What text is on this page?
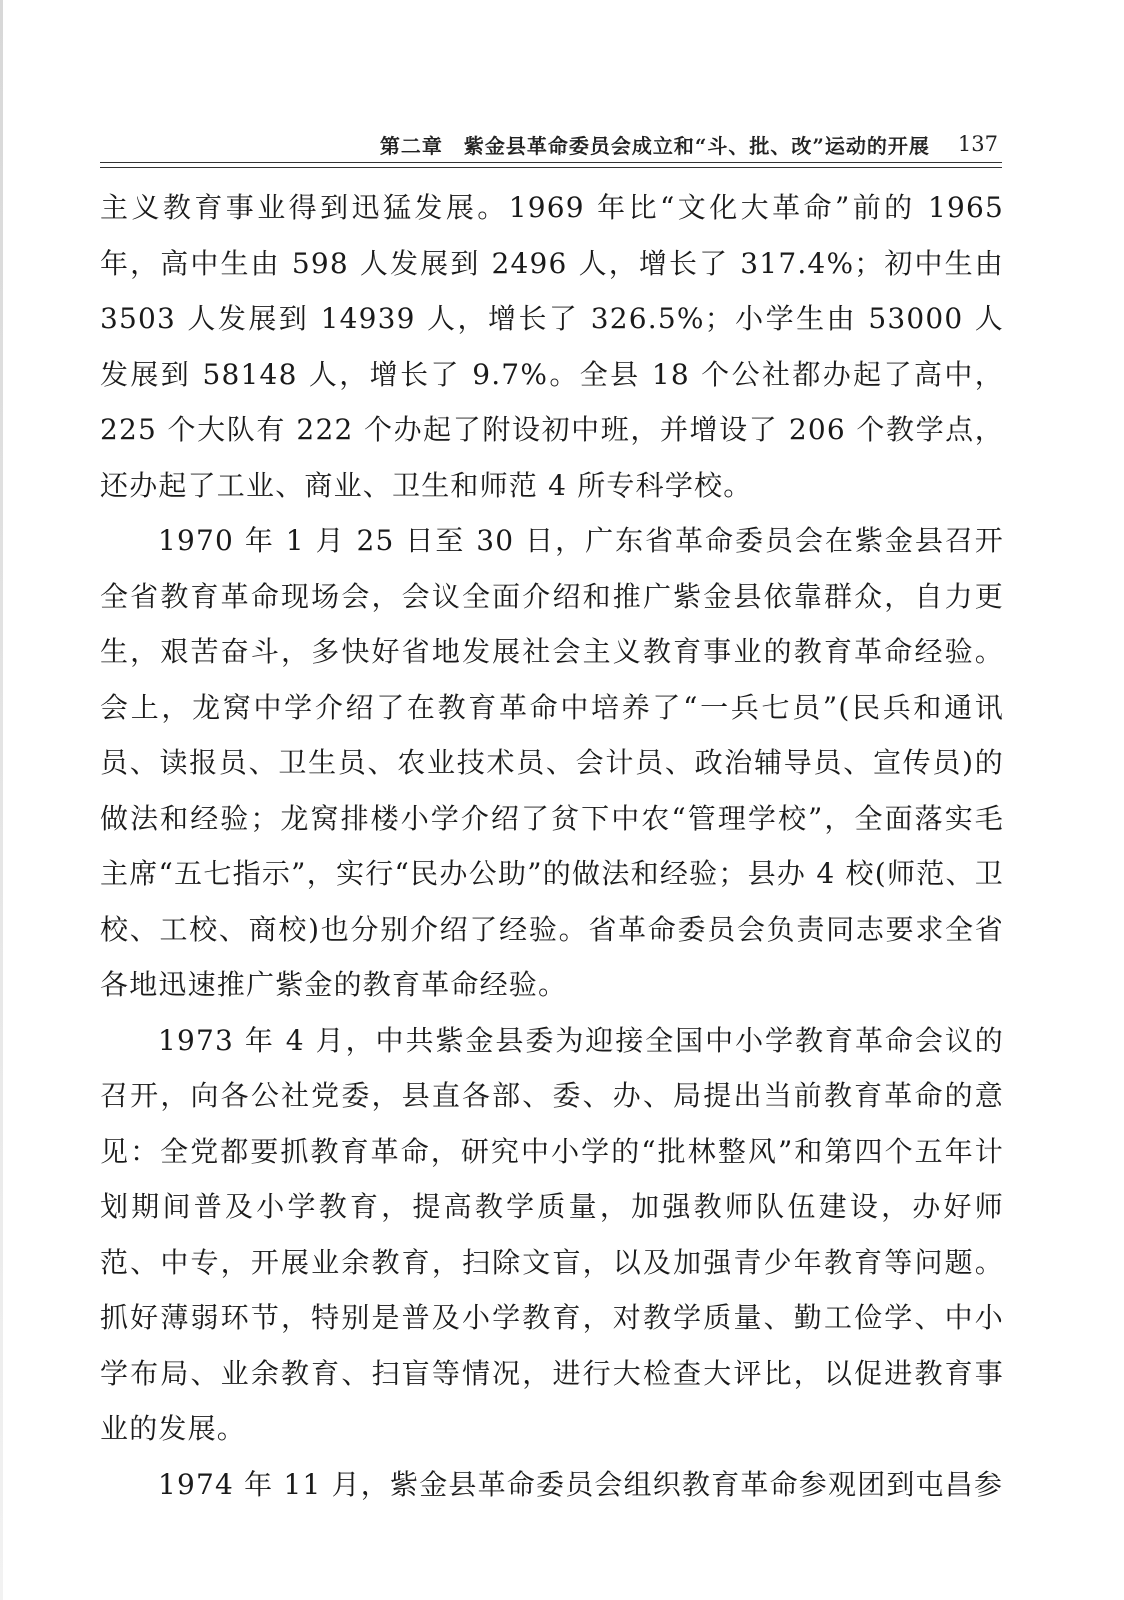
第二章　紫金县革命委员会成立和“斗、批、改”运动的开展 137

主义教育事业得到迅猛发展。1969 年比“文化大革命”前的 1965 年，高中生由 598 人发展到 2496 人，增长了 317.4%；初中生由 3503 人发展到 14939 人，增长了 326.5%；小学生由 53000 人发展到 58148 人，增长了 9.7%。全县 18 个公社都办起了高中，225 个大队有 222 个办起了附设初中班，并增设了 206 个教学点，还办起了工业、商业、卫生和师范 4 所专科学校。

1970 年 1 月 25 日至 30 日，广东省革命委员会在紫金县召开全省教育革命现场会，会议全面介绍和推广紫金县依靠群众，自力更生，艰苦奋斗，多快好省地发展社会主义教育事业的教育革命经验。会上，龙窝中学介绍了在教育革命中培养了“一兵七员”(民兵和通讯员、读报员、卫生员、农业技术员、会计员、政治辅导员、宣传员)的做法和经验；龙窝排楼小学介绍了贫下中农“管理学校”，全面落实毛主席“五七指示”，实行“民办公助”的做法和经验；县办 4 校(师范、卫校、工校、商校)也分别介绍了经验。省革命委员会负责同志要求全省各地迅速推广紫金的教育革命经验。

1973 年 4 月，中共紫金县委为迎接全国中小学教育革命会议的召开，向各公社党委，县直各部、委、办、局提出当前教育革命的意见：全党都要抓教育革命，研究中小学的“批林整风”和第四个五年计划期间普及小学教育，提高教学质量，加强教师队伍建设，办好师范、中专，开展业余教育，扫除文盲，以及加强青少年教育等问题。抓好薄弱环节，特别是普及小学教育，对教学质量、勤工俭学、中小学布局、业余教育、扫盲等情况，进行大检查大评比，以促进教育事业的发展。

1974 年 11 月，紫金县革命委员会组织教育革命参观团到屯昌参
